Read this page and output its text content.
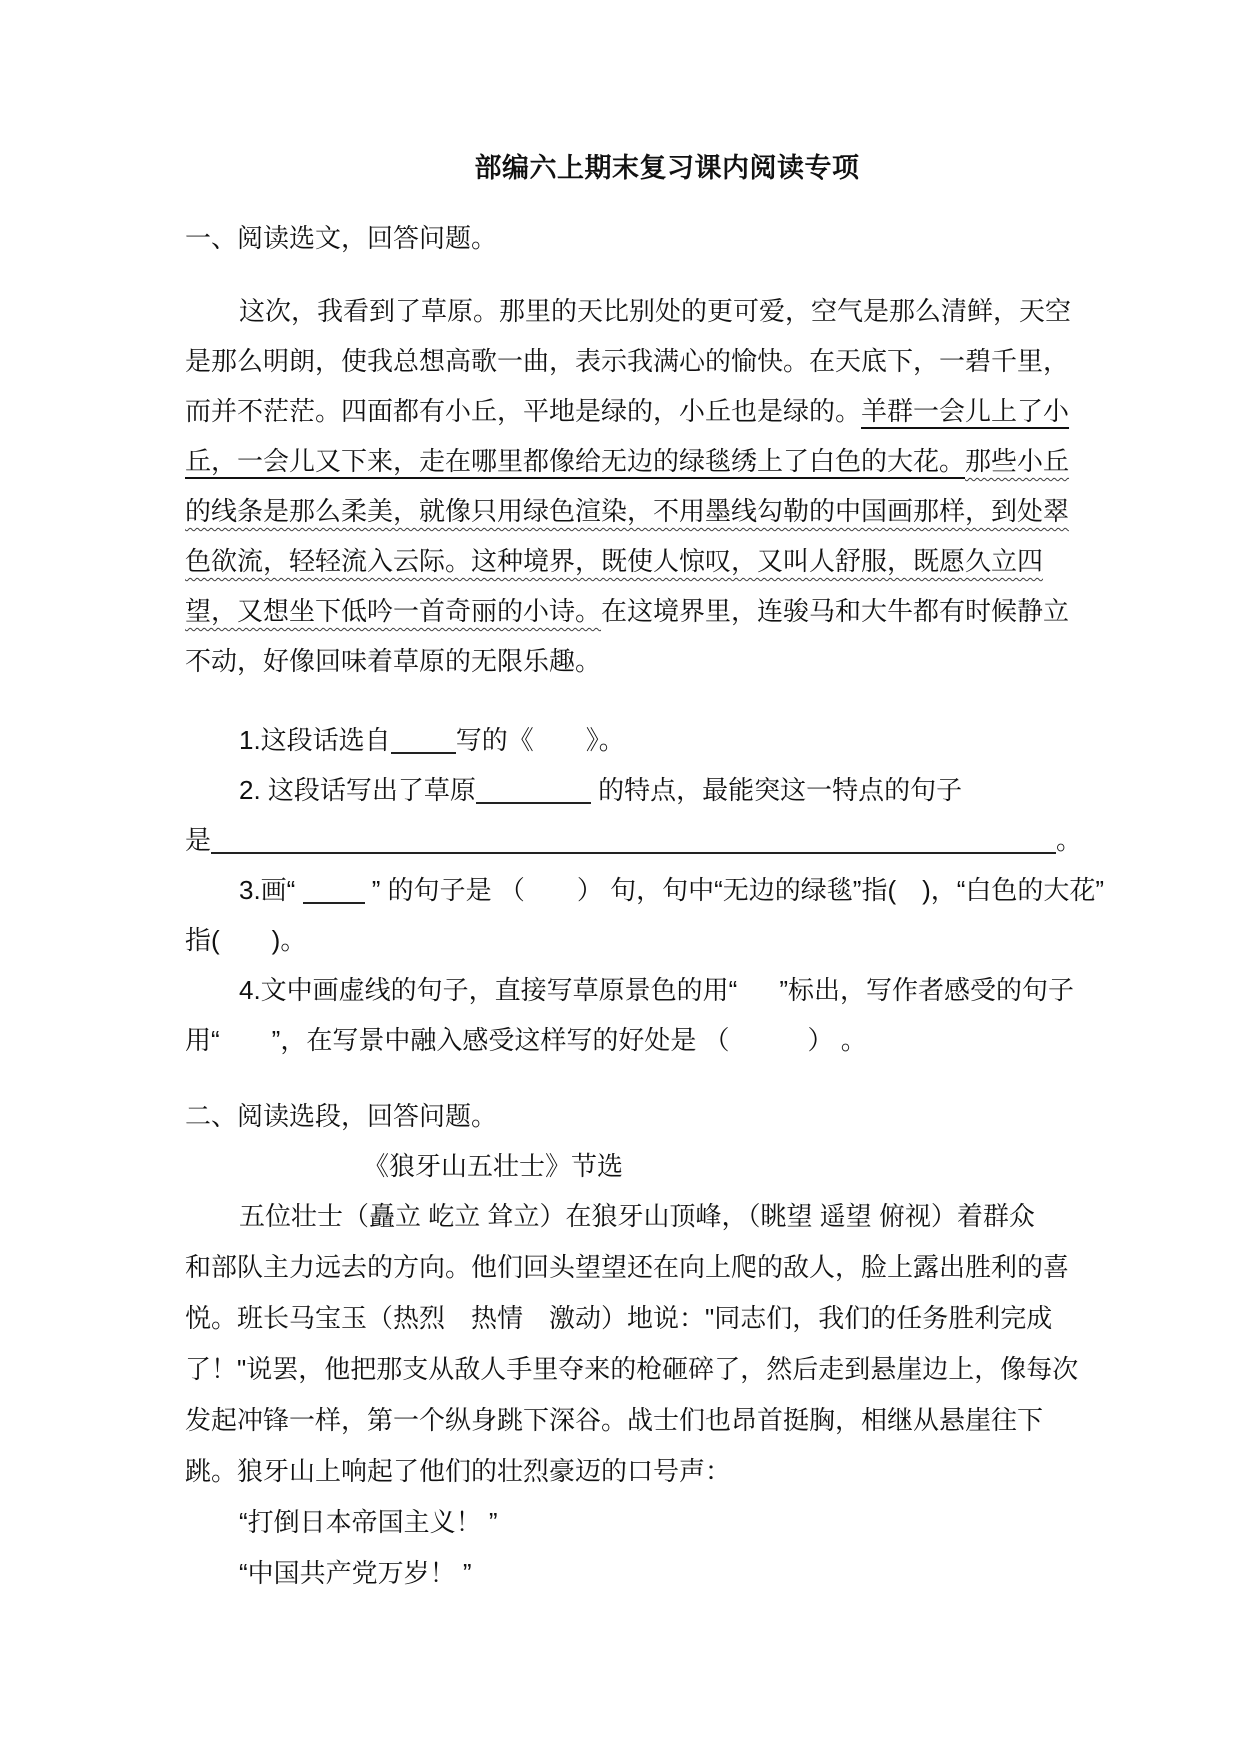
部编六上期末复习课内阅读专项
一、阅读选文，回答问题。
这次，我看到了草原。那里的天比别处的更可爱，空气是那么清鲜，天空
是那么明朗，使我总想高歌一曲，表示我满心的愉快。在天底下，一碧千里，
而并不茫茫。四面都有小丘，平地是绿的，小丘也是绿的。羊群一会儿上了小
丘，一会儿又下来，走在哪里都像给无边的绿毯绣上了白色的大花。那些小丘
的线条是那么柔美，就像只用绿色渲染，不用墨线勾勒的中国画那样，到处翠
色欲流，轻轻流入云际。这种境界，既使人惊叹，又叫人舒服，既愿久立四
望，又想坐下低吟一首奇丽的小诗。在这境界里，连骏马和大牛都有时候静立
不动，好像回味着草原的无限乐趣。
1.这段话选自	写的《　　》。
2. 这段话写出了草原	的特点，最能突这一特点的句子
是	。
3.画“  ” 的句子是 （　　） 句，句中“无边的绿毯”指(　)，“白色的大花”
指(　　)。
4.文中画虚线的句子，直接写草原景色的用“ ”标出，写作者感受的句子
用“ ”，在写景中融入感受这样写的好处是 （　　　） 。
二、阅读选段，回答问题。
《狼牙山五壮士》节选
五位壮士（矗立 屹立 耸立）在狼牙山顶峰，（眺望 遥望 俯视）着群众
和部队主力远去的方向。他们回头望望还在向上爬的敌人，脸上露出胜利的喜
悦。班长马宝玉（热烈　热情　激动）地说："同志们，我们的任务胜利完成
了！"说罢，他把那支从敌人手里夺来的枪砸碎了，然后走到悬崖边上，像每次
发起冲锋一样，第一个纵身跳下深谷。战士们也昂首挺胸，相继从悬崖往下
跳。狼牙山上响起了他们的壮烈豪迈的口号声：
“打倒日本帝国主义！ ”
“中国共产党万岁！ ”
